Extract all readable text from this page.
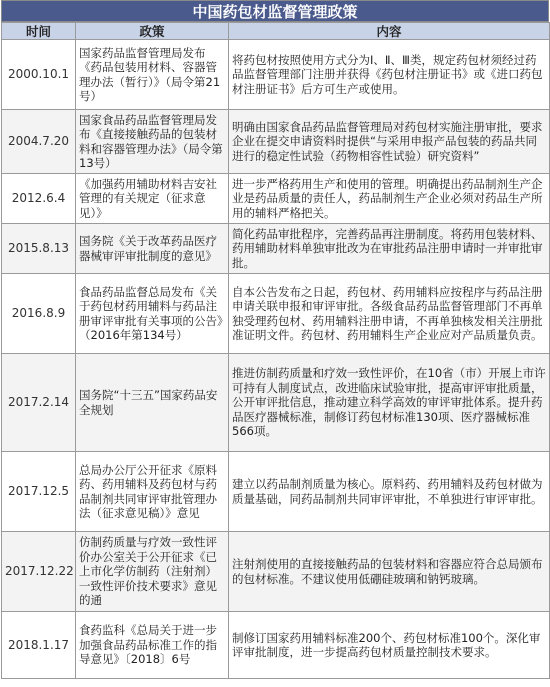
中国药包材监督管理政策
时间	政策	内容
2000.10.1	国家药品监督管理局发布《药品包装用材料、容器管理办法（暂行）》（局令第21号）	将药包材按照使用方式分为Ⅰ、Ⅱ、Ⅲ类，规定药包材须经过药品监督管理部门注册并获得《药包材注册证书》或《进口药包材注册证书》后方可生产或使用。
2004.7.20	国家食品药品监督管理局发布《直接接触药品的包装材料和容器管理办法》（局令第13号）	明确由国家食品药品监督管理局对药包材实施注册审批，要求企业在提交申请资料时提供“与采用申报产品包装的药品共同进行的稳定性试验（药物相容性试验）研究资料”
2012.6.4	《加强药用辅助材料吉安社管理的有关规定（征求意见）》	进一步严格药用生产和使用的管理。明确提出药品制剂生产企业是药品质量的责任人，药品制剂生产企业必须对药品生产所用的辅料严格把关。
2015.8.13	国务院《关于改革药品医疗器械审评审批制度的意见》	简化药品审批程序，完善药品再注册制度。将药用包装材料、药用辅助材料单独审批改为在审批药品注册申请时一并审批审批。
2016.8.9	食品药品监督总局发布《关于药包材药用辅料与药品注册审评审批有关事项的公告》（2016年第134号）	自本公告发布之日起，药包材、药用辅料应按程序与药品注册申请关联申报和审评审批。各级食品药品监督管理部门不再单独受理药包材、药用辅料注册申请，不再单独核发相关注册批准证明文件。药包材、药用辅料生产企业应对产品质量负责。
2017.2.14	国务院“十三五”国家药品安全规划	推进仿制药质量和疗效一致性评价，在10省（市）开展上市许可持有人制度试点，改进临床试验审批，提高审评审批质量，公开审评批信息，推动建立科学高效的审评审批体系。提升药品医疗器械标准，制修订药包材标准130项、医疗器械标准566项。
2017.12.5	总局办公厅公开征求《原料药、药用辅料及药包材与药品制剂共同审评审批管理办法（征求意见稿）》意见	建立以药品制剂质量为核心。原料药、药用辅料及药包材做为质量基础，同药品制剂共同审评审批，不单独进行审评审批。
2017.12.22	仿制药质量与疗效一致性评价办公室关于公开征求《已上市化学仿制药（注射剂）一致性评价技术要求》意见的通	注射剂使用的直接接触药品的包装材料和容器应符合总局颁布的包材标准。不建议使用低硼硅玻璃和钠钙玻璃。
2018.1.17	食药监科《总局关于进一步加强食品药品标准工作的指导意见》〔2018〕6号	制修订国家药用辅料标准200个、药包材标准100个。深化审评审批制度，进一步提高药包材质量控制技术要求。
